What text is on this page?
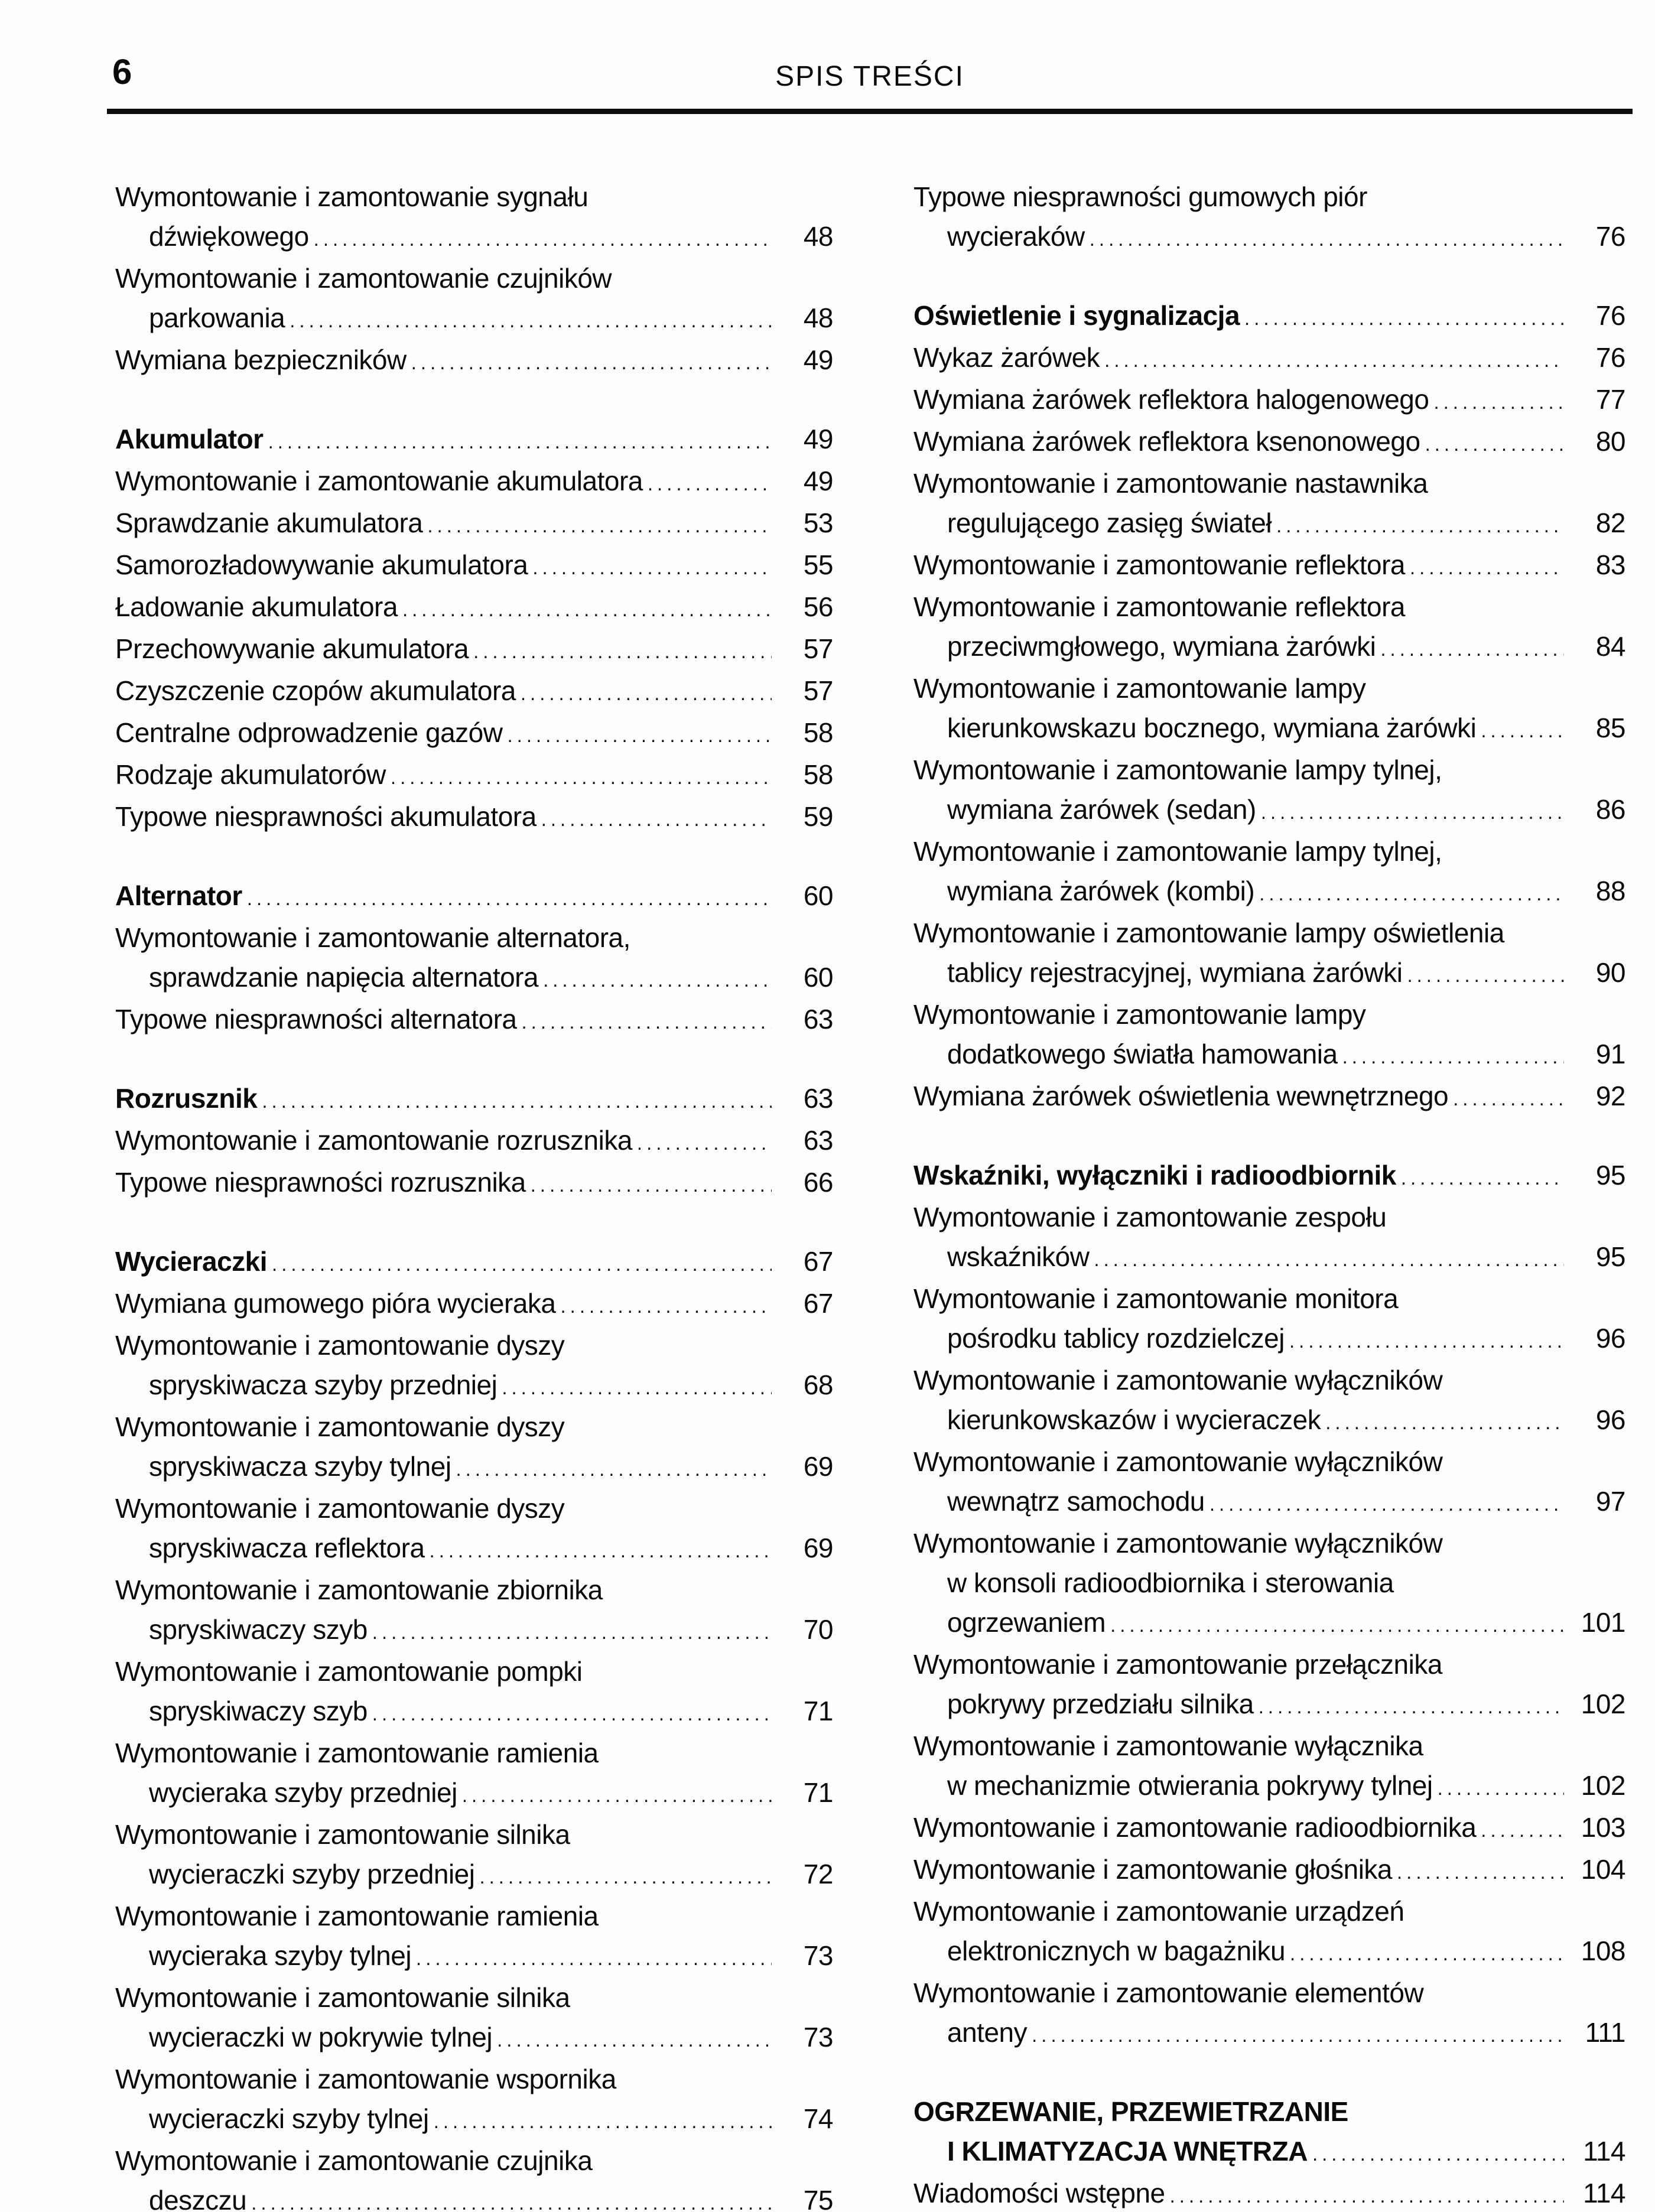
6	SPIS TREŚCI
Wymontowanie i zamontowanie sygnału
dźwiękowego .....	48
Wymontowanie i zamontowanie czujników
parkowania .....	48
Wymiana bezpieczników .....	49
Akumulator .....	49
Wymontowanie i zamontowanie akumulatora .....	49
Sprawdzanie akumulatora .....	53
Samorozładowywanie akumulatora .....	55
Ładowanie akumulatora .....	56
Przechowywanie akumulatora .....	57
Czyszczenie czopów akumulatora .....	57
Centralne odprowadzenie gazów .....	58
Rodzaje akumulatorów .....	58
Typowe niesprawności akumulatora .....	59
Alternator .....	60
Wymontowanie i zamontowanie alternatora,
sprawdzanie napięcia alternatora .....	60
Typowe niesprawności alternatora .....	63
Rozrusznik .....	63
Wymontowanie i zamontowanie rozrusznika .....	63
Typowe niesprawności rozrusznika .....	66
Wycieraczki .....	67
Wymiana gumowego pióra wycieraka .....	67
Wymontowanie i zamontowanie dyszy
spryskiwacza szyby przedniej .....	68
Wymontowanie i zamontowanie dyszy
spryskiwacza szyby tylnej .....	69
Wymontowanie i zamontowanie dyszy
spryskiwacza reflektora .....	69
Wymontowanie i zamontowanie zbiornika
spryskiwaczy szyb .....	70
Wymontowanie i zamontowanie pompki
spryskiwaczy szyb .....	71
Wymontowanie i zamontowanie ramienia
wycieraka szyby przedniej .....	71
Wymontowanie i zamontowanie silnika
wycieraczki szyby przedniej .....	72
Wymontowanie i zamontowanie ramienia
wycieraka szyby tylnej .....	73
Wymontowanie i zamontowanie silnika
wycieraczki w pokrywie tylnej .....	73
Wymontowanie i zamontowanie wspornika
wycieraczki szyby tylnej .....	74
Wymontowanie i zamontowanie czujnika
deszczu .....	75
Typowe niesprawności gumowych piór
wycieraków .....	76
Oświetlenie i sygnalizacja .....	76
Wykaz żarówek .....	76
Wymiana żarówek reflektora halogenowego .....	77
Wymiana żarówek reflektora ksenonowego .....	80
Wymontowanie i zamontowanie nastawnika
regulującego zasięg świateł .....	82
Wymontowanie i zamontowanie reflektora .....	83
Wymontowanie i zamontowanie reflektora
przeciwmgłowego, wymiana żarówki .....	84
Wymontowanie i zamontowanie lampy
kierunkowskazu bocznego, wymiana żarówki .....	85
Wymontowanie i zamontowanie lampy tylnej,
wymiana żarówek (sedan) .....	86
Wymontowanie i zamontowanie lampy tylnej,
wymiana żarówek (kombi) .....	88
Wymontowanie i zamontowanie lampy oświetlenia
tablicy rejestracyjnej, wymiana żarówki .....	90
Wymontowanie i zamontowanie lampy
dodatkowego światła hamowania .....	91
Wymiana żarówek oświetlenia wewnętrznego .....	92
Wskaźniki, wyłączniki i radioodbiornik .....	95
Wymontowanie i zamontowanie zespołu
wskaźników .....	95
Wymontowanie i zamontowanie monitora
pośrodku tablicy rozdzielczej .....	96
Wymontowanie i zamontowanie wyłączników
kierunkowskazów i wycieraczek .....	96
Wymontowanie i zamontowanie wyłączników
wewnątrz samochodu .....	97
Wymontowanie i zamontowanie wyłączników
w konsoli radioodbiornika i sterowania
ogrzewaniem .....	101
Wymontowanie i zamontowanie przełącznika
pokrywy przedziału silnika .....	102
Wymontowanie i zamontowanie wyłącznika
w mechanizmie otwierania pokrywy tylnej .....	102
Wymontowanie i zamontowanie radioodbiornika .....	103
Wymontowanie i zamontowanie głośnika .....	104
Wymontowanie i zamontowanie urządzeń
elektronicznych w bagażniku .....	108
Wymontowanie i zamontowanie elementów
anteny .....	111
OGRZEWANIE, PRZEWIETRZANIE
I KLIMATYZACJA WNĘTRZA .....	114
Wiadomości wstępne .....	114
